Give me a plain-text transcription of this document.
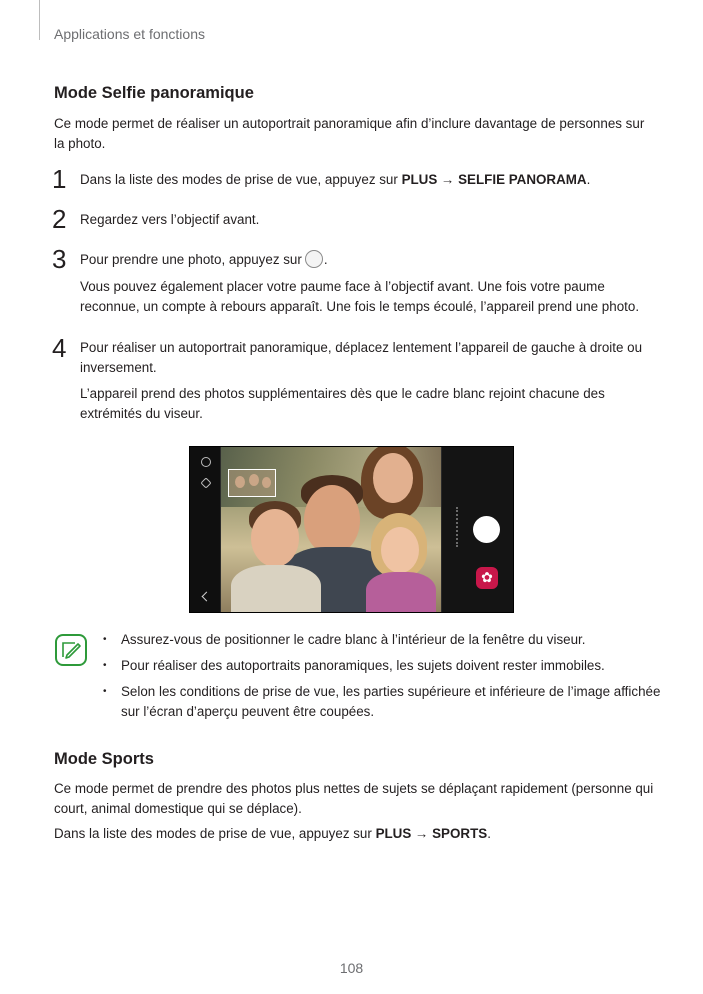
Applications et fonctions
Mode Selfie panoramique
Ce mode permet de réaliser un autoportrait panoramique afin d’inclure davantage de personnes sur la photo.
1 Dans la liste des modes de prise de vue, appuyez sur PLUS → SELFIE PANORAMA.
2 Regardez vers l’objectif avant.
3 Pour prendre une photo, appuyez sur .
Vous pouvez également placer votre paume face à l’objectif avant. Une fois votre paume reconnue, un compte à rebours apparaît. Une fois le temps écoulé, l’appareil prend une photo.
4 Pour réaliser un autoportrait panoramique, déplacez lentement l’appareil de gauche à droite ou inversement.
L’appareil prend des photos supplémentaires dès que le cadre blanc rejoint chacune des extrémités du viseur.
✿
• Assurez-vous de positionner le cadre blanc à l’intérieur de la fenêtre du viseur.
• Pour réaliser des autoportraits panoramiques, les sujets doivent rester immobiles.
• Selon les conditions de prise de vue, les parties supérieure et inférieure de l’image affichée sur l’écran d’aperçu peuvent être coupées.
Mode Sports
Ce mode permet de prendre des photos plus nettes de sujets se déplaçant rapidement (personne qui court, animal domestique qui se déplace).
Dans la liste des modes de prise de vue, appuyez sur PLUS → SPORTS.
108
